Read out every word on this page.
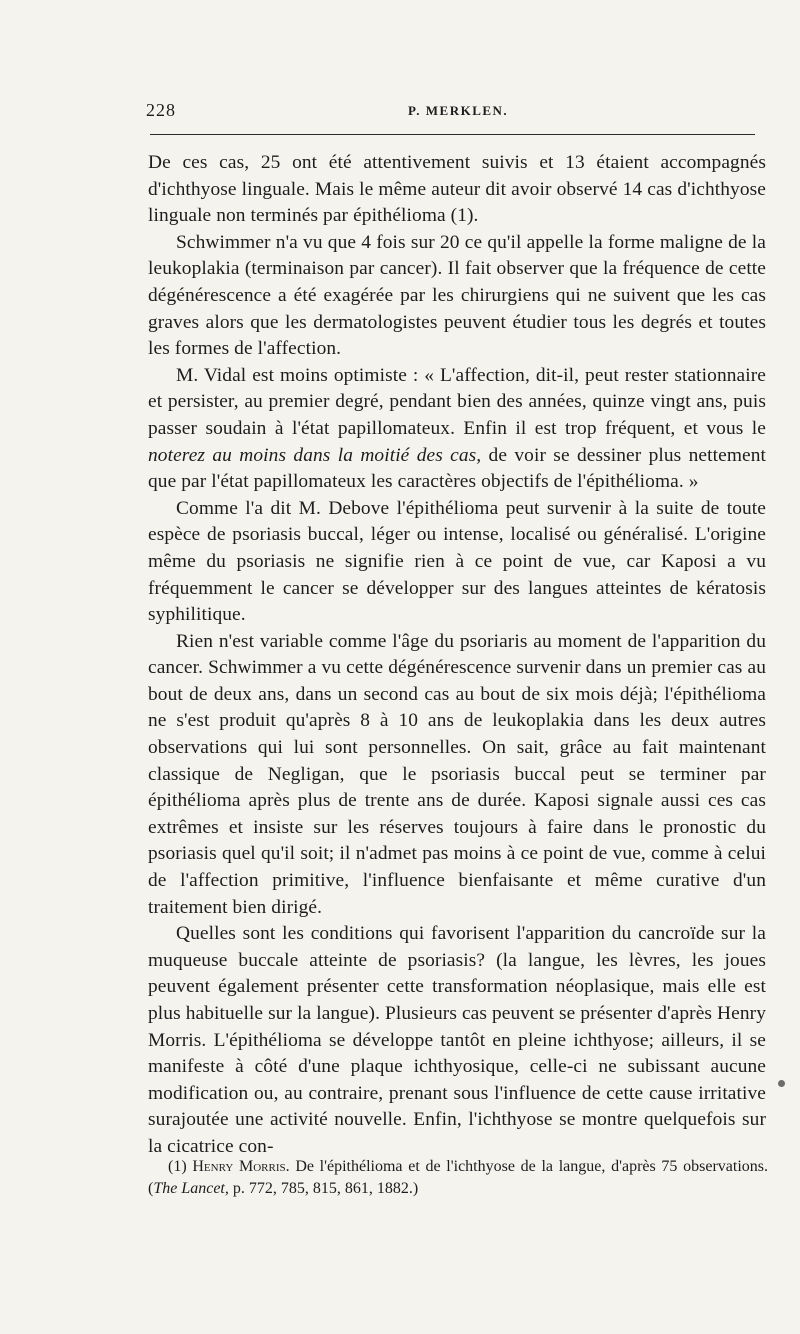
228	P. MERKLEN.

De ces cas, 25 ont été attentivement suivis et 13 étaient accompagnés d'ichthyose linguale. Mais le même auteur dit avoir observé 14 cas d'ichthyose linguale non terminés par épithélioma (1).

Schwimmer n'a vu que 4 fois sur 20 ce qu'il appelle la forme maligne de la leukoplakia (terminaison par cancer). Il fait observer que la fréquence de cette dégénérescence a été exagérée par les chirurgiens qui ne suivent que les cas graves alors que les dermatologistes peuvent étudier tous les degrés et toutes les formes de l'affection.

M. Vidal est moins optimiste : « L'affection, dit-il, peut rester stationnaire et persister, au premier degré, pendant bien des années, quinze vingt ans, puis passer soudain à l'état papillomateux. Enfin il est trop fréquent, et vous le noterez au moins dans la moitié des cas, de voir se dessiner plus nettement que par l'état papillomateux les caractères objectifs de l'épithélioma. »

Comme l'a dit M. Debove l'épithélioma peut survenir à la suite de toute espèce de psoriasis buccal, léger ou intense, localisé ou généralisé. L'origine même du psoriasis ne signifie rien à ce point de vue, car Kaposi a vu fréquemment le cancer se développer sur des langues atteintes de kératosis syphilitique.

Rien n'est variable comme l'âge du psoriaris au moment de l'apparition du cancer. Schwimmer a vu cette dégénérescence survenir dans un premier cas au bout de deux ans, dans un second cas au bout de six mois déjà; l'épithélioma ne s'est produit qu'après 8 à 10 ans de leukoplakia dans les deux autres observations qui lui sont personnelles. On sait, grâce au fait maintenant classique de Negligan, que le psoriasis buccal peut se terminer par épithélioma après plus de trente ans de durée. Kaposi signale aussi ces cas extrêmes et insiste sur les réserves toujours à faire dans le pronostic du psoriasis quel qu'il soit; il n'admet pas moins à ce point de vue, comme à celui de l'affection primitive, l'influence bienfaisante et même curative d'un traitement bien dirigé.

Quelles sont les conditions qui favorisent l'apparition du cancroïde sur la muqueuse buccale atteinte de psoriasis? (la langue, les lèvres, les joues peuvent également présenter cette transformation néoplasique, mais elle est plus habituelle sur la langue). Plusieurs cas peuvent se présenter d'après Henry Morris. L'épithélioma se développe tantôt en pleine ichthyose; ailleurs, il se manifeste à côté d'une plaque ichthyosique, celle-ci ne subissant aucune modification ou, au contraire, prenant sous l'influence de cette cause irritative surajoutée une activité nouvelle. Enfin, l'ichthyose se montre quelquefois sur la cicatrice con-

(1) Henry Morris. De l'épithélioma et de l'ichthyose de la langue, d'après 75 observations. (The Lancet, p. 772, 785, 815, 861, 1882.)
